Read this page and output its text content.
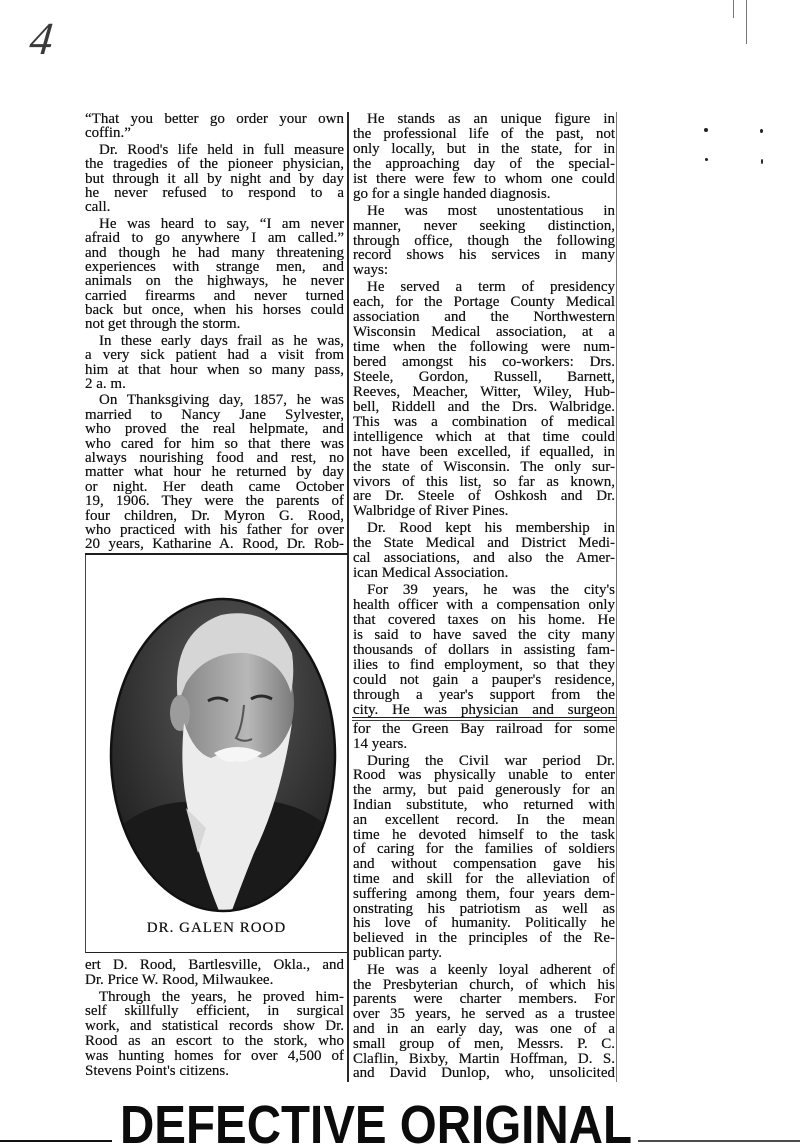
4
“That you better go order your own
coffin.”
Dr. Rood's life held in full measure
the tragedies of the pioneer physician,
but through it all by night and by day
he never refused to respond to a
call.
He was heard to say, “I am never
afraid to go anywhere I am called.”
and though he had many threatening
experiences with strange men, and
animals on the highways, he never
carried firearms and never turned
back but once, when his horses could
not get through the storm.
In these early days frail as he was,
a very sick patient had a visit from
him at that hour when so many pass,
2 a. m.
On Thanksgiving day, 1857, he was
married to Nancy Jane Sylvester,
who proved the real helpmate, and
who cared for him so that there was
always nourishing food and rest, no
matter what hour he returned by day
or night. Her death came October
19, 1906. They were the parents of
four children, Dr. Myron G. Rood,
who practiced with his father for over
20 years, Katharine A. Rood, Dr. Rob-
DR. GALEN ROOD
ert D. Rood, Bartlesville, Okla., and
Dr. Price W. Rood, Milwaukee.
Through the years, he proved him-
self skillfully efficient, in surgical
work, and statistical records show Dr.
Rood as an escort to the stork, who
was hunting homes for over 4,500 of
Stevens Point's citizens.
He stands as an unique figure in
the professional life of the past, not
only locally, but in the state, for in
the approaching day of the special-
ist there were few to whom one could
go for a single handed diagnosis.
He was most unostentatious in
manner, never seeking distinction,
through office, though the following
record shows his services in many
ways:
He served a term of presidency
each, for the Portage County Medical
association and the Northwestern
Wisconsin Medical association, at a
time when the following were num-
bered amongst his co-workers: Drs.
Steele, Gordon, Russell, Barnett,
Reeves, Meacher, Witter, Wiley, Hub-
bell, Riddell and the Drs. Walbridge.
This was a combination of medical
intelligence which at that time could
not have been excelled, if equalled, in
the state of Wisconsin. The only sur-
vivors of this list, so far as known,
are Dr. Steele of Oshkosh and Dr.
Walbridge of River Pines.
Dr. Rood kept his membership in
the State Medical and District Medi-
cal associations, and also the Amer-
ican Medical Association.
For 39 years, he was the city's
health officer with a compensation only
that covered taxes on his home. He
is said to have saved the city many
thousands of dollars in assisting fam-
ilies to find employment, so that they
could not gain a pauper's residence,
through a year's support from the
city. He was physician and surgeon
for the Green Bay railroad for some
14 years.
During the Civil war period Dr.
Rood was physically unable to enter
the army, but paid generously for an
Indian substitute, who returned with
an excellent record. In the mean
time he devoted himself to the task
of caring for the families of soldiers
and without compensation gave his
time and skill for the alleviation of
suffering among them, four years dem-
onstrating his patriotism as well as
his love of humanity. Politically he
believed in the principles of the Re-
publican party.
He was a keenly loyal adherent of
the Presbyterian church, of which his
parents were charter members. For
over 35 years, he served as a trustee
and in an early day, was one of a
small group of men, Messrs. P. C.
Claflin, Bixby, Martin Hoffman, D. S.
and David Dunlop, who, unsolicited
DEFECTIVE ORIGINAL
